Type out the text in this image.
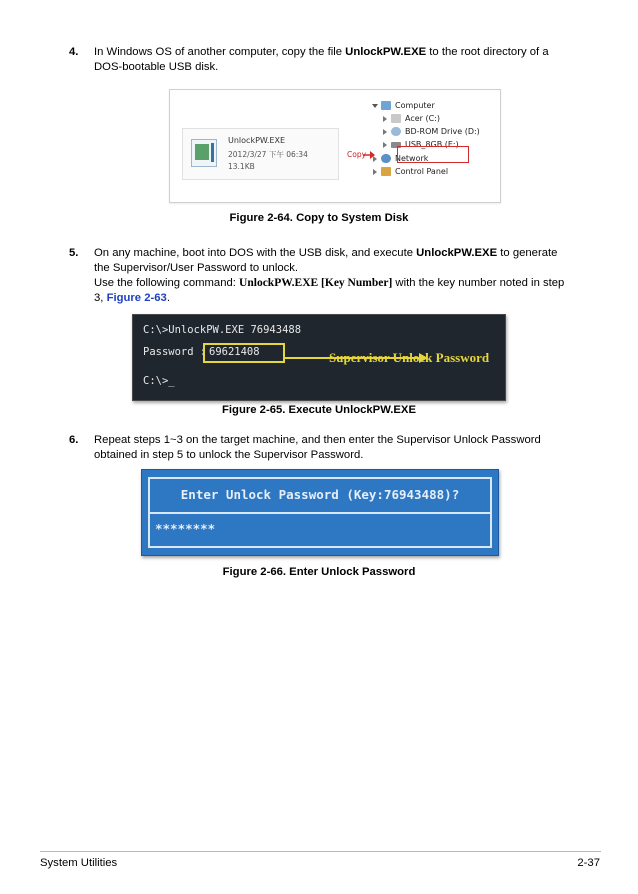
4. In Windows OS of another computer, copy the file UnlockPW.EXE to the root directory of a DOS-bootable USB disk.
UnlockPW.EXE
2012/3/27 下午 06:34
13.1KB
Copy
Computer
Acer (C:)
BD-ROM Drive (D:)
USB_8GB (E:)
Network
Control Panel
Figure 2-64. Copy to System Disk
5. On any machine, boot into DOS with the USB disk, and execute UnlockPW.EXE to generate the Supervisor/User Password to unlock.
Use the following command: UnlockPW.EXE [Key Number] with the key number noted in step 3, Figure 2-63.
C:\>UnlockPW.EXE 76943488
Password :
69621408
C:\>_
Supervisor Unlock Password
Figure 2-65. Execute UnlockPW.EXE
6. Repeat steps 1~3 on the target machine, and then enter the Supervisor Unlock Password obtained in step 5 to unlock the Supervisor Password.
Enter Unlock Password (Key:76943488)?
********
Figure 2-66. Enter Unlock Password
System Utilities	2-37
